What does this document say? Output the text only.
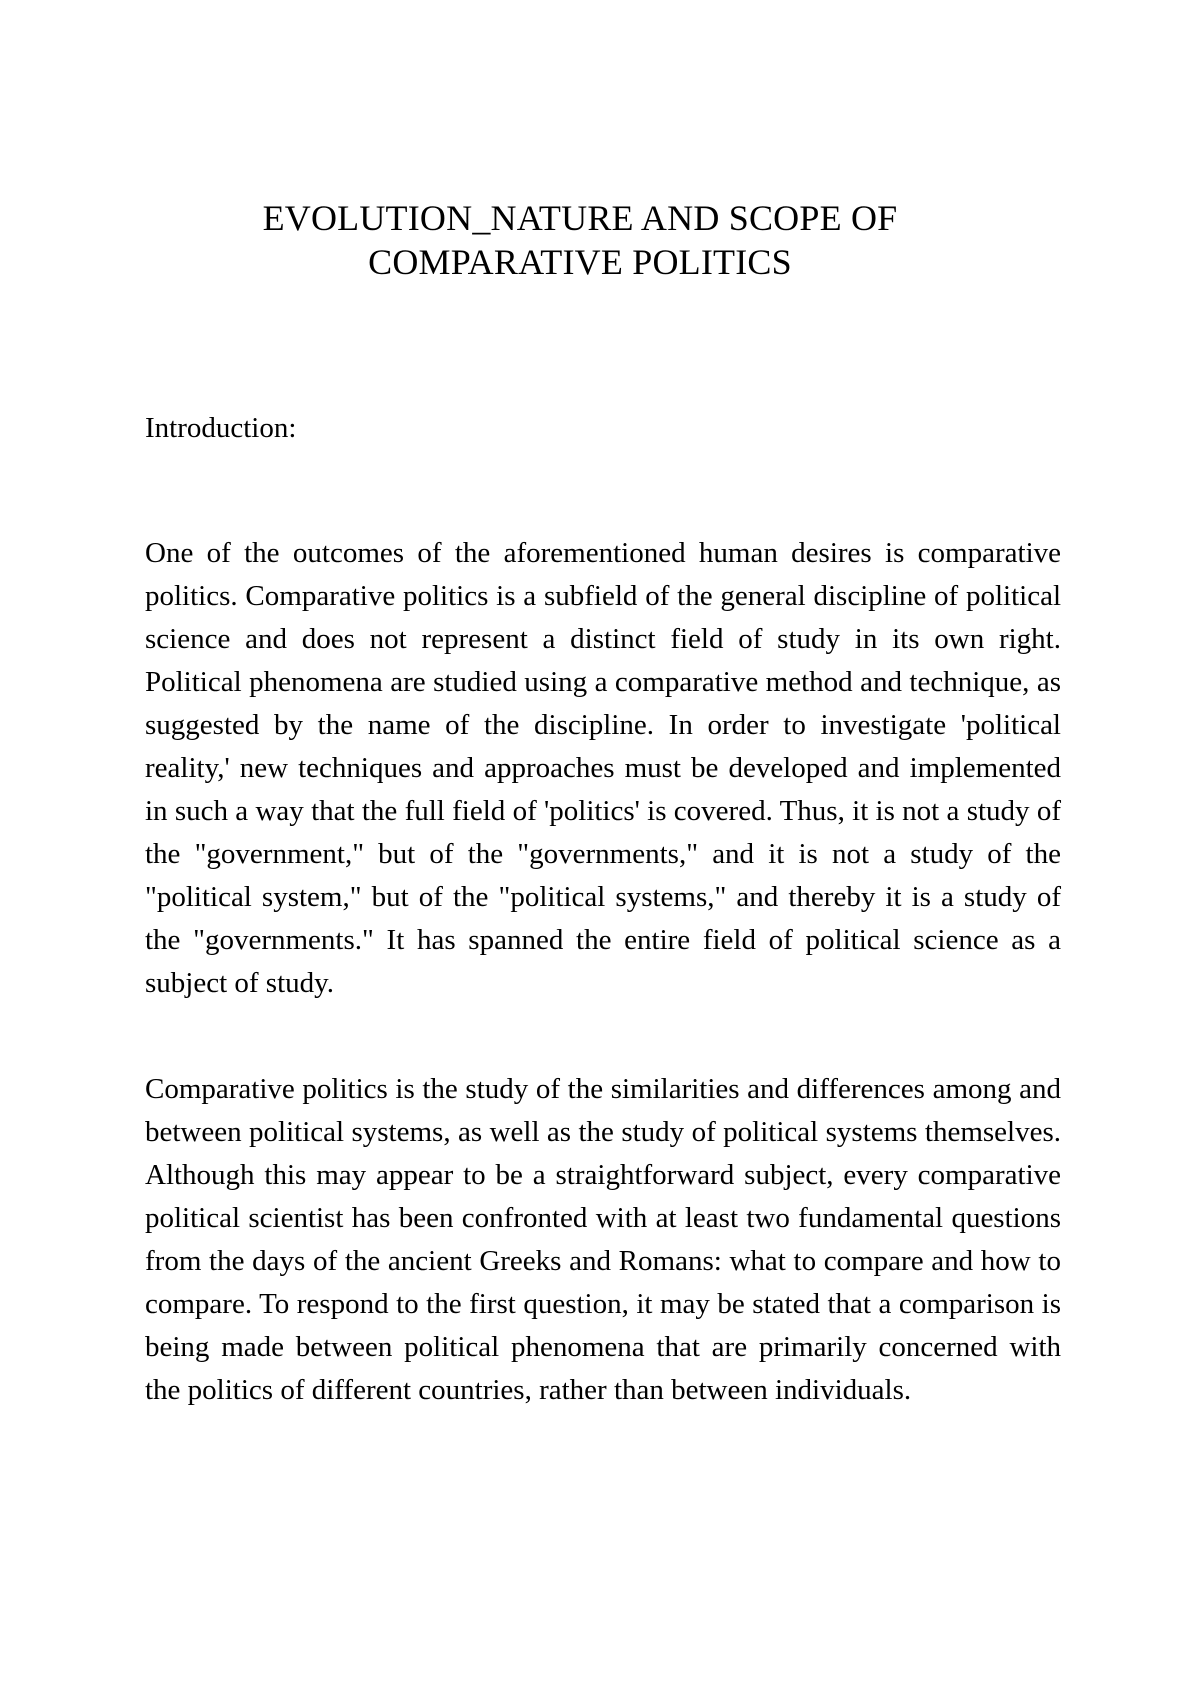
EVOLUTION_NATURE AND SCOPE OF
COMPARATIVE POLITICS
Introduction:

One of the outcomes of the aforementioned human desires is comparative politics. Comparative politics is a subfield of the general discipline of political science and does not represent a distinct field of study in its own right. Political phenomena are studied using a comparative method and technique, as suggested by the name of the discipline. In order to investigate 'political reality,' new techniques and approaches must be developed and implemented in such a way that the full field of 'politics' is covered. Thus, it is not a study of the "government," but of the "governments," and it is not a study of the "political system," but of the "political systems," and thereby it is a study of the "governments." It has spanned the entire field of political science as a subject of study.

Comparative politics is the study of the similarities and differences among and between political systems, as well as the study of political systems themselves. Although this may appear to be a straightforward subject, every comparative political scientist has been confronted with at least two fundamental questions from the days of the ancient Greeks and Romans: what to compare and how to compare. To respond to the first question, it may be stated that a comparison is being made between political phenomena that are primarily concerned with the politics of different countries, rather than between individuals.
